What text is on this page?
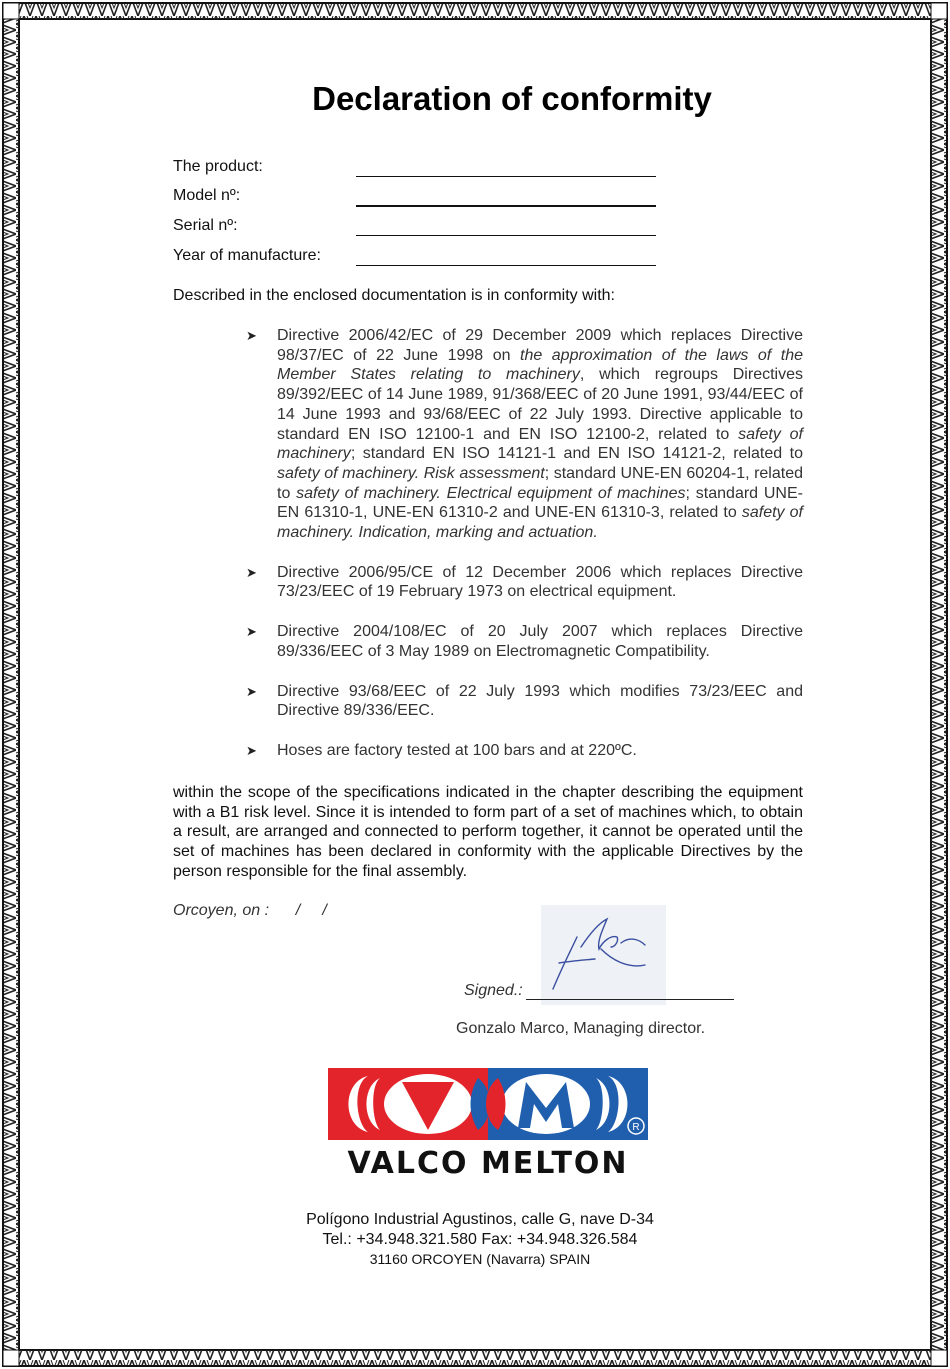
Declaration of conformity
The product:
Model nº:
Serial nº:
Year of manufacture:
Described in the enclosed documentation is in conformity with:
➤ Directive 2006/42/EC of 29 December 2009 which replaces Directive 98/37/EC of 22 June 1998 on the approximation of the laws of the Member States relating to machinery, which regroups Directives 89/392/EEC of 14 June 1989, 91/368/EEC of 20 June 1991, 93/44/EEC of 14 June 1993 and 93/68/EEC of 22 July 1993. Directive applicable to standard EN ISO 12100-1 and EN ISO 12100-2, related to safety of machinery; standard EN ISO 14121-1 and EN ISO 14121-2, related to safety of machinery. Risk assessment; standard UNE-EN 60204-1, related to safety of machinery. Electrical equipment of machines; standard UNE-EN 61310-1, UNE-EN 61310-2 and UNE-EN 61310-3, related to safety of machinery. Indication, marking and actuation.
➤ Directive 2006/95/CE of 12 December 2006 which replaces Directive 73/23/EEC of 19 February 1973 on electrical equipment.
➤ Directive 2004/108/EC of 20 July 2007 which replaces Directive 89/336/EEC of 3 May 1989 on Electromagnetic Compatibility.
➤ Directive 93/68/EEC of 22 July 1993 which modifies 73/23/EEC and Directive 89/336/EEC.
➤ Hoses are factory tested at 100 bars and at 220ºC.
within the scope of the specifications indicated in the chapter describing the equipment with a B1 risk level. Since it is intended to form part of a set of machines which, to obtain a result, are arranged and connected to perform together, it cannot be operated until the set of machines has been declared in conformity with the applicable Directives by the person responsible for the final assembly.
Orcoyen, on :      /     /
Signed.:
Gonzalo Marco, Managing director.
R
VALCO MELTON
Polígono Industrial Agustinos, calle G, nave D-34
Tel.: +34.948.321.580 Fax: +34.948.326.584
31160 ORCOYEN (Navarra) SPAIN
